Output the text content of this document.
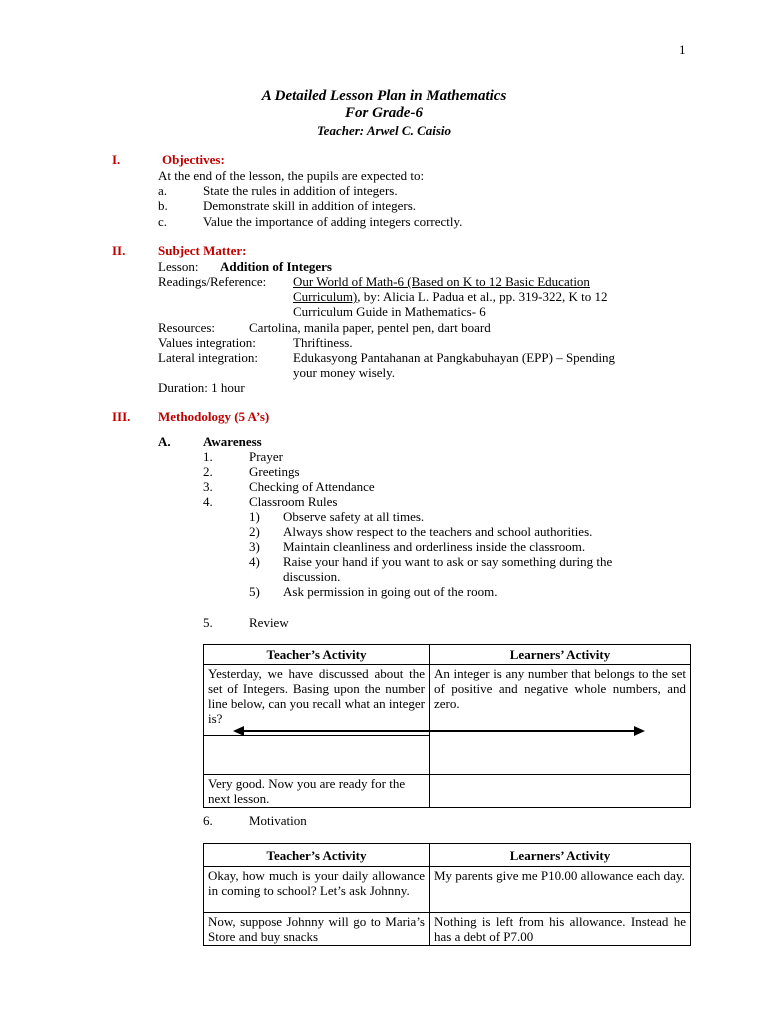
1
A Detailed Lesson Plan in Mathematics
For Grade-6
Teacher: Arwel C. Caisio
I.	Objectives:
At the end of the lesson, the pupils are expected to:
a.	State the rules in addition of integers.
b.	Demonstrate skill in addition of integers.
c.	Value the importance of adding integers correctly.
II.	Subject Matter:
Lesson: Addition of Integers
Readings/Reference: Our World of Math-6 (Based on K to 12 Basic Education
Curriculum), by: Alicia L. Padua et al., pp. 319-322, K to 12
Curriculum Guide in Mathematics- 6
Resources:	Cartolina, manila paper, pentel pen, dart board
Values integration:	Thriftiness.
Lateral integration:	Edukasyong Pantahanan at Pangkabuhayan (EPP) – Spending
your money wisely.
Duration: 1 hour
III. Methodology (5 A’s)
A. Awareness
1.	Prayer
2.	Greetings
3.	Checking of Attendance
4.	Classroom Rules
1) Observe safety at all times.
2) Always show respect to the teachers and school authorities.
3) Maintain cleanliness and orderliness inside the classroom.
4) Raise your hand if you want to ask or say something during the
discussion.
5) Ask permission in going out of the room.
5.	Review
Teacher’s Activity	Learners’ Activity
Yesterday, we have discussed about the set of Integers. Basing upon the number line below, can you recall what an integer is?	An integer is any number that belongs to the set of positive and negative whole numbers, and zero.

Very good. Now you are ready for the next lesson.	
6.	Motivation
Teacher’s Activity	Learners’ Activity
Okay, how much is your daily allowance in coming to school? Let’s ask Johnny.	My parents give me P10.00 allowance each day.
Now, suppose Johnny will go to Maria’s Store and buy snacks	Nothing is left from his allowance. Instead he has a debt of P7.00
